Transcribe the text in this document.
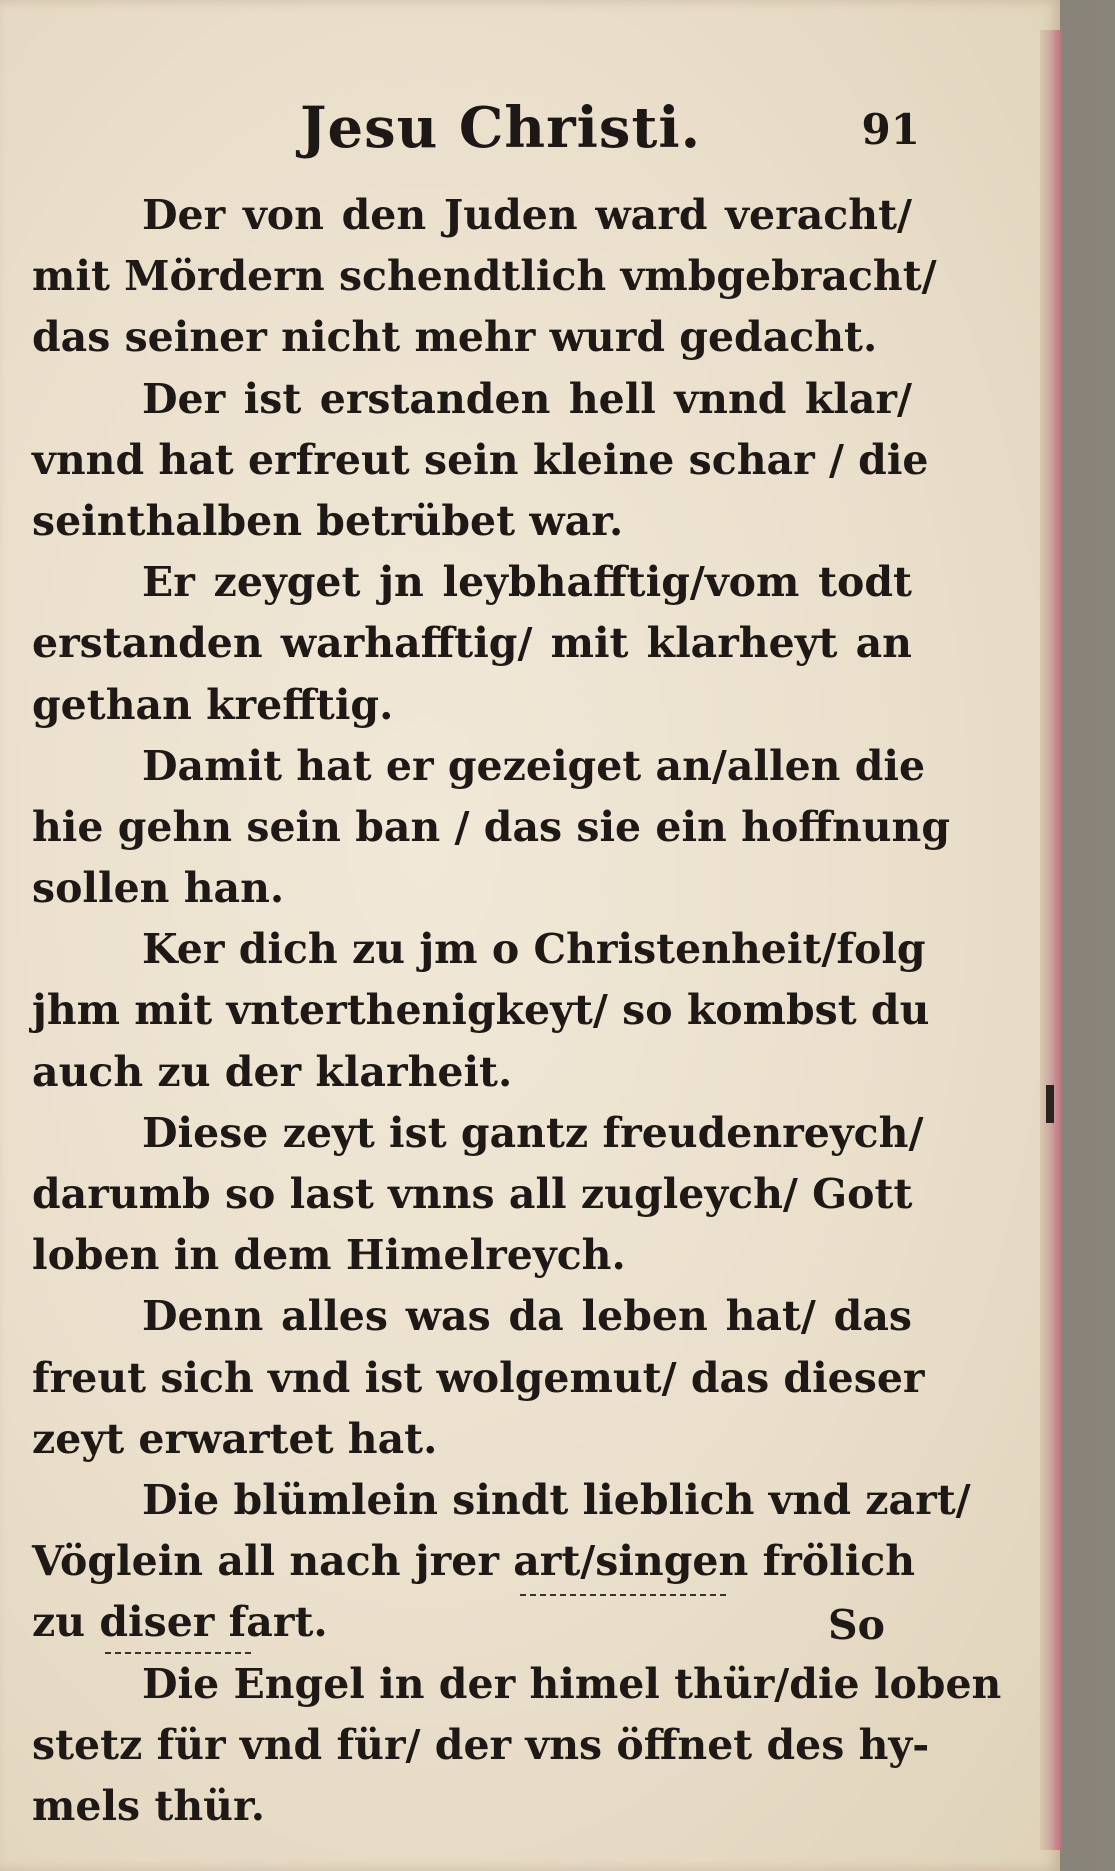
Jesu Christi.	91
Der von den Juden ward veracht/
mit Mördern schendtlich vmbgebracht/
das seiner nicht mehr wurd gedacht.
Der ist erstanden hell vnnd klar/
vnnd hat erfreut sein kleine schar / die
seinthalben betrübet war.
Er zeyget jn leybhafftig/vom todt
erstanden warhafftig/ mit klarheyt an
gethan krefftig.
Damit hat er gezeiget an/allen die
hie gehn sein ban / das sie ein hoffnung
sollen han.
Ker dich zu jm o Christenheit/folg
jhm mit vnterthenigkeyt/ so kombst du
auch zu der klarheit.
Diese zeyt ist gantz freudenreych/
darumb so last vnns all zugleych/ Gott
loben in dem Himelreych.
Denn alles was da leben hat/ das
freut sich vnd ist wolgemut/ das dieser
zeyt erwartet hat.
Die blümlein sindt lieblich vnd zart/
Vöglein all nach jrer art/singen frölich
zu diser fart.
Die Engel in der himel thür/die loben
stetz für vnd für/ der vns öffnet des hy-
mels thür.
So
